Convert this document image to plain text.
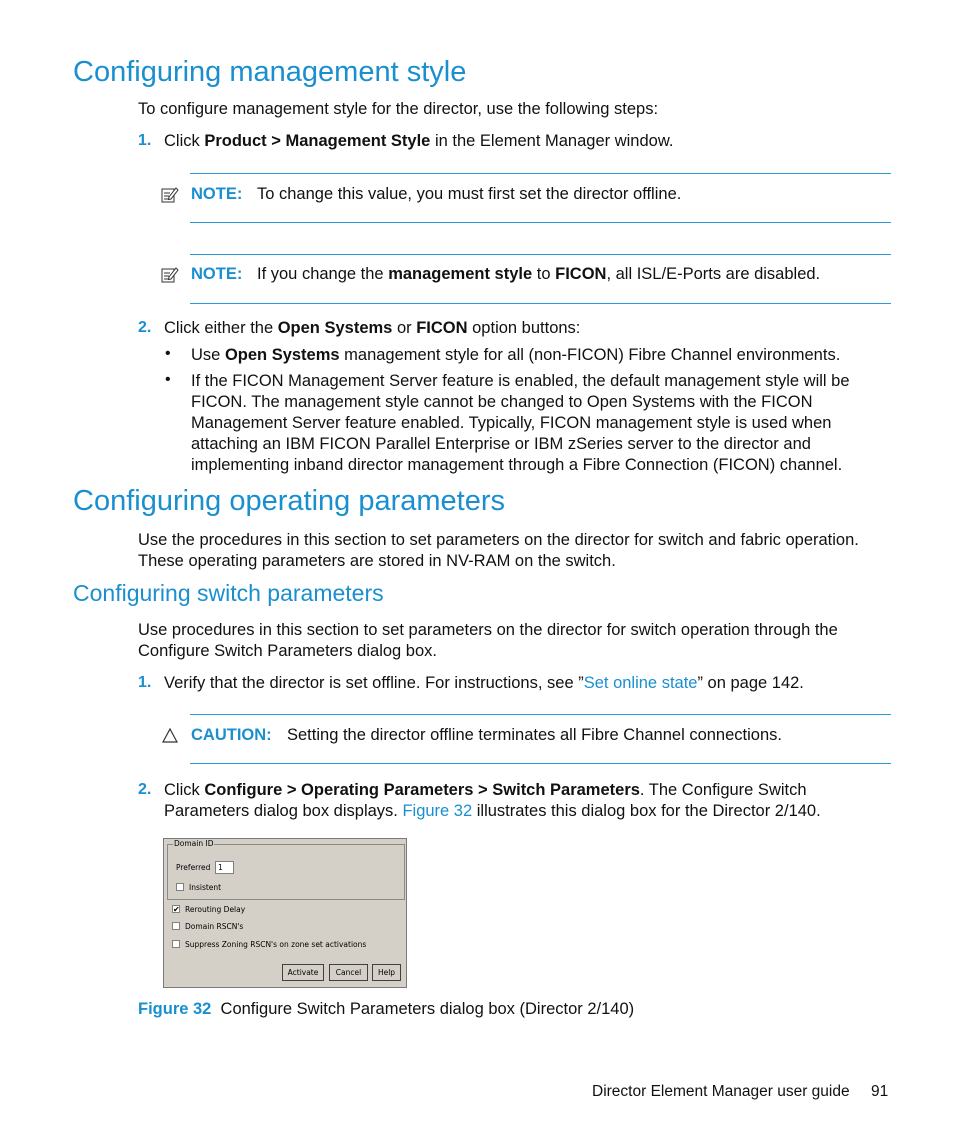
Configuring management style

To configure management style for the director, use the following steps:

1. Click Product > Management Style in the Element Manager window.

NOTE: To change this value, you must first set the director offline.

NOTE: If you change the management style to FICON, all ISL/E-Ports are disabled.

2. Click either the Open Systems or FICON option buttons:

• Use Open Systems management style for all (non-FICON) Fibre Channel environments.

• If the FICON Management Server feature is enabled, the default management style will be
FICON. The management style cannot be changed to Open Systems with the FICON
Management Server feature enabled. Typically, FICON management style is used when
attaching an IBM FICON Parallel Enterprise or IBM zSeries server to the director and
implementing inband director management through a Fibre Connection (FICON) channel.
Configuring operating parameters
Use the procedures in this section to set parameters on the director for switch and fabric operation.
These operating parameters are stored in NV-RAM on the switch.
Configuring switch parameters
Use procedures in this section to set parameters on the director for switch operation through the
Configure Switch Parameters dialog box.
1. Verify that the director is set offline. For instructions, see ”Set online state” on page 142.

CAUTION: Setting the director offline terminates all Fibre Channel connections.

2. Click Configure > Operating Parameters > Switch Parameters. The Configure Switch
Parameters dialog box displays. Figure 32 illustrates this dialog box for the Director 2/140.
Domain ID
Preferred 1
Insistent
✔ Rerouting Delay
Domain RSCN's
Suppress Zoning RSCN's on zone set activations
Activate	Cancel	Help

Figure 32 Configure Switch Parameters dialog box (Director 2/140)

Director Element Manager user guide 91
